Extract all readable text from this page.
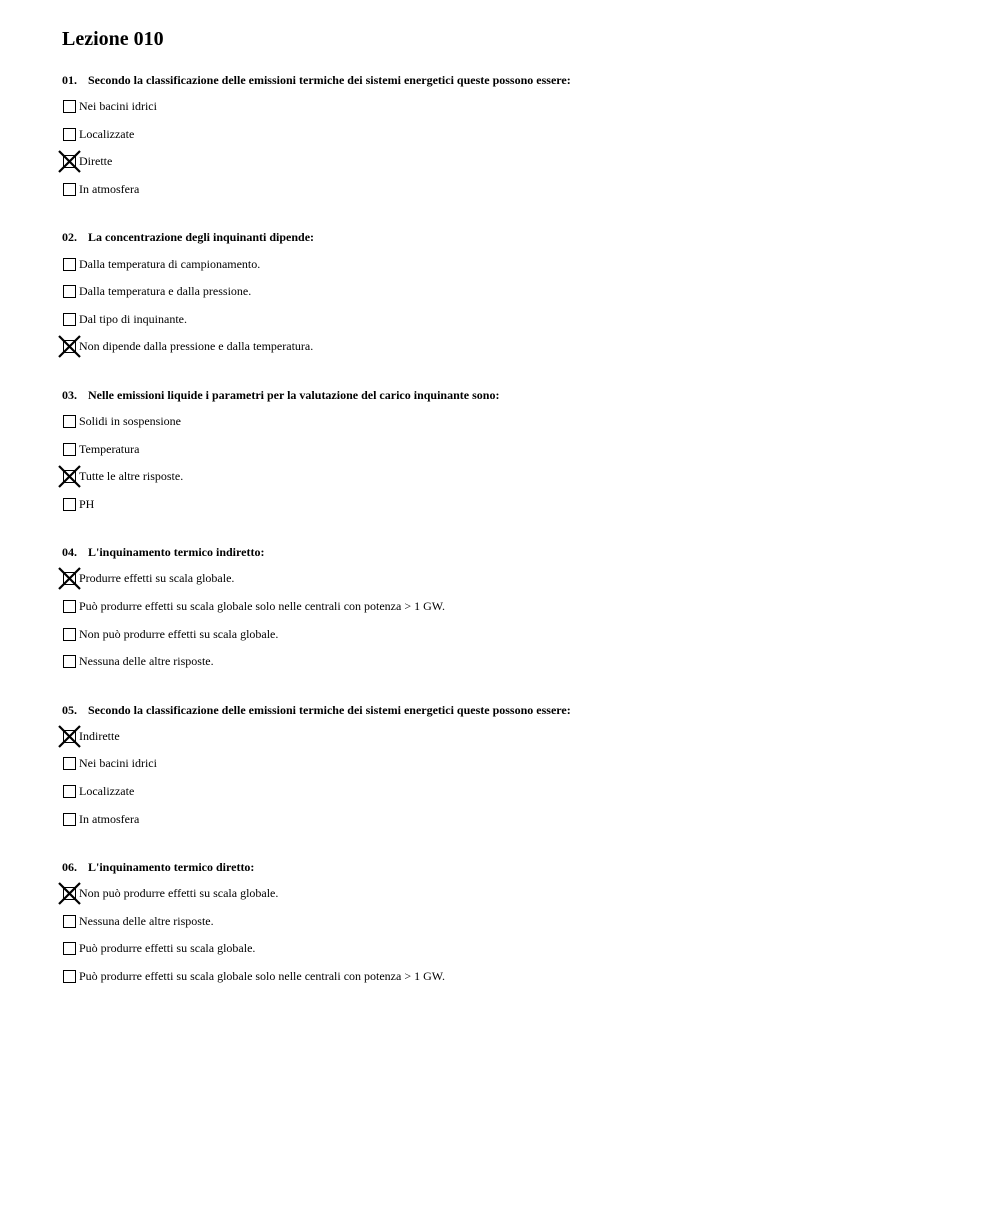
Lezione 010
01. Secondo la classificazione delle emissioni termiche dei sistemi energetici queste possono essere:
Nei bacini idrici
Localizzate
Dirette
In atmosfera
02. La concentrazione degli inquinanti dipende:
Dalla temperatura di campionamento.
Dalla temperatura e dalla pressione.
Dal tipo di inquinante.
Non dipende dalla pressione e dalla temperatura.
03. Nelle emissioni liquide i parametri per la valutazione del carico inquinante sono:
Solidi in sospensione
Temperatura
Tutte le altre risposte.
PH
04. L'inquinamento termico indiretto:
Produrre effetti su scala globale.
Può produrre effetti su scala globale solo nelle centrali con potenza > 1 GW.
Non può produrre effetti su scala globale.
Nessuna delle altre risposte.
05. Secondo la classificazione delle emissioni termiche dei sistemi energetici queste possono essere:
Indirette
Nei bacini idrici
Localizzate
In atmosfera
06. L'inquinamento termico diretto:
Non può produrre effetti su scala globale.
Nessuna delle altre risposte.
Può produrre effetti su scala globale.
Può produrre effetti su scala globale solo nelle centrali con potenza > 1 GW.
